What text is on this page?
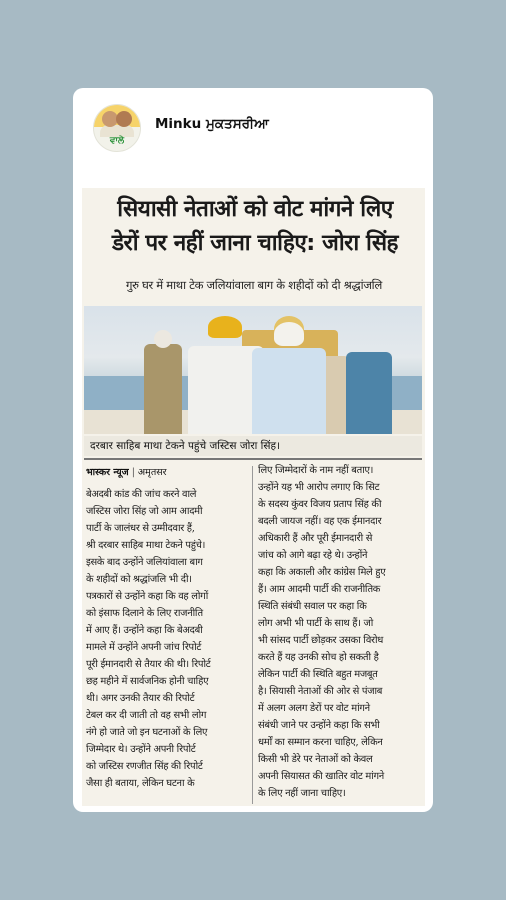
ਵਾਲੇ
Minku ਮੁਕਤਸਰੀਆ
सियासी नेताओं को वोट मांगने लिए
डेरों पर नहीं जाना चाहिए: जोरा सिंह
गुरु घर में माथा टेक जलियांवाला बाग के शहीदों को दी श्रद्धांजलि
दरबार साहिब माथा टेकने पहुंचे जस्टिस जोरा सिंह।
भास्कर न्यूज | अमृतसर
बेअदबी कांड की जांच करने वाले
जस्टिस जोरा सिंह जो आम आदमी
पार्टी के जालंधर से उम्मीदवार हैं,
श्री दरबार साहिब माथा टेकने पहुंचे।
इसके बाद उन्होंने जलियांवाला बाग
के शहीदों को श्रद्धांजलि भी दी।
पत्रकारों से उन्होंने कहा कि वह लोगों
को इंसाफ दिलाने के लिए राजनीति
में आए हैं। उन्होंने कहा कि बेअदबी
मामले में उन्होंने अपनी जांच रिपोर्ट
पूरी ईमानदारी से तैयार की थी। रिपोर्ट
छह महीने में सार्वजनिक होनी चाहिए
थी। अगर उनकी तैयार की रिपोर्ट
टेबल कर दी जाती तो वह सभी लोग
नंगे हो जाते जो इन घटनाओं के लिए
जिम्मेदार थे। उन्होंने अपनी रिपोर्ट
को जस्टिस रणजीत सिंह की रिपोर्ट
जैसा ही बताया, लेकिन घटना के
लिए जिम्मेदारों के नाम नहीं बताए।
उन्होंने यह भी आरोप लगाए कि सिट
के सदस्य कुंवर विजय प्रताप सिंह की
बदली जायज नहीं। वह एक ईमानदार
अधिकारी हैं और पूरी ईमानदारी से
जांच को आगे बढ़ा रहे थे। उन्होंने
कहा कि अकाली और कांग्रेस मिले हुए
हैं। आम आदमी पार्टी की राजनीतिक
स्थिति संबंधी सवाल पर कहा कि
लोग अभी भी पार्टी के साथ हैं। जो
भी सांसद पार्टी छोड़कर उसका विरोध
करते हैं यह उनकी सोच हो सकती है
लेकिन पार्टी की स्थिति बहुत मजबूत
है। सियासी नेताओं की ओर से पंजाब
में अलग अलग डेरों पर वोट मांगने
संबंधी जाने पर उन्होंने कहा कि सभी
धर्मों का सम्मान करना चाहिए, लेकिन
किसी भी डेरे पर नेताओं को केवल
अपनी सियासत की खातिर वोट मांगने
के लिए नहीं जाना चाहिए।
